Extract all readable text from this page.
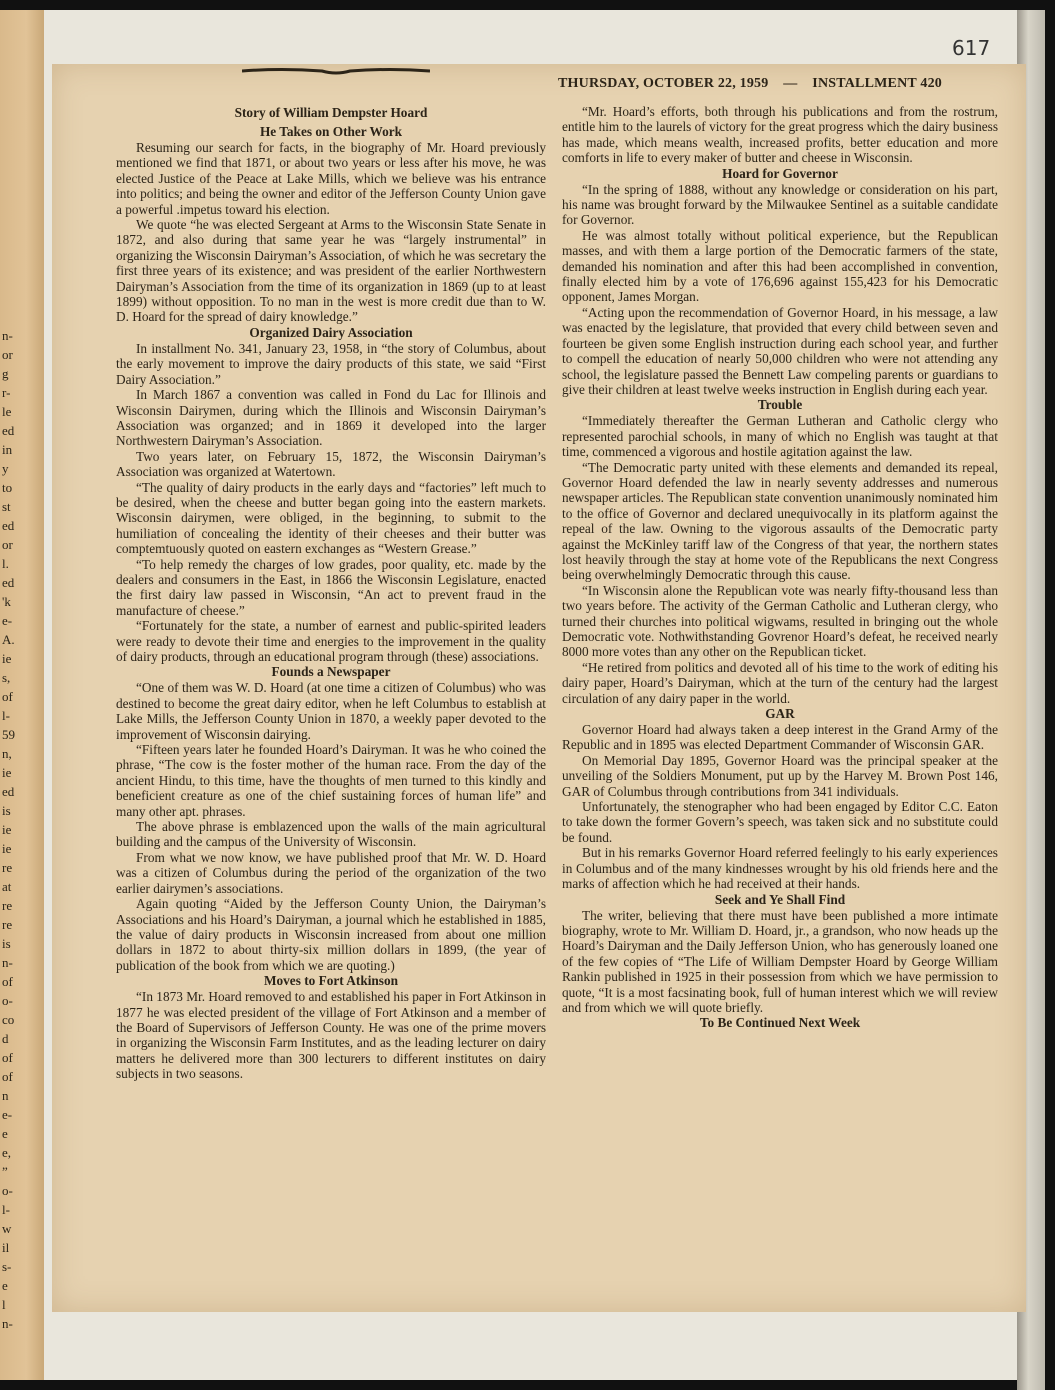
n-
or
g
r-
le
ed
in
y
to
st
ed
or
l.
ed
'k
e-
A.
ie
s,
of
l-
59
n,
ie
ed
is
ie
ie
re
at
re
re
is
n-
of
o-
co
d
of
of
n
e-
e
e,
”
o-
l-
w
il
s-
e
l
n-
617
THURSDAY, OCTOBER 22, 1959 — INSTALLMENT 420
Story of William Dempster Hoard
He Takes on Other Work

Resuming our search for facts, in the biography of Mr. Hoard previously mentioned we find that 1871, or about two years or less after his move, he was elected Justice of the Peace at Lake Mills, which we believe was his entrance into politics; and being the owner and editor of the Jefferson County Union gave a powerful .impetus toward his election.

We quote “he was elected Sergeant at Arms to the Wisconsin State Senate in 1872, and also during that same year he was “largely instrumental” in organizing the Wisconsin Dairyman’s Association, of which he was secretary the first three years of its existence; and was president of the earlier Northwestern Dairyman’s Association from the time of its organization in 1869 (up to at least 1899) without opposition. To no man in the west is more credit due than to W. D. Hoard for the spread of dairy knowledge.”

Organized Dairy Association

In installment No. 341, January 23, 1958, in “the story of Columbus, about the early movement to improve the dairy products of this state, we said “First Dairy Association.”

In March 1867 a convention was called in Fond du Lac for Illinois and Wisconsin Dairymen, during which the Illinois and Wisconsin Dairyman’s Association was organzed; and in 1869 it developed into the larger Northwestern Dairyman’s Association.

Two years later, on February 15, 1872, the Wisconsin Dairyman’s Association was organized at Watertown.

“The quality of dairy products in the early days and “factories” left much to be desired, when the cheese and butter began going into the eastern markets. Wisconsin dairymen, were obliged, in the beginning, to submit to the humiliation of concealing the identity of their cheeses and their butter was comptemtuously quoted on eastern exchanges as “Western Grease.”

“To help remedy the charges of low grades, poor quality, etc. made by the dealers and consumers in the East, in 1866 the Wisconsin Legislature, enacted the first dairy law passed in Wisconsin, “An act to prevent fraud in the manufacture of cheese.”

“Fortunately for the state, a number of earnest and public-spirited leaders were ready to devote their time and energies to the improvement in the quality of dairy products, through an educational program through (these) associations.

Founds a Newspaper

“One of them was W. D. Hoard (at one time a citizen of Columbus) who was destined to become the great dairy editor, when he left Columbus to establish at Lake Mills, the Jefferson County Union in 1870, a weekly paper devoted to the improvement of Wisconsin dairying.

“Fifteen years later he founded Hoard’s Dairyman. It was he who coined the phrase, “The cow is the foster mother of the human race. From the day of the ancient Hindu, to this time, have the thoughts of men turned to this kindly and beneficient creature as one of the chief sustaining forces of human life” and many other apt. phrases.

The above phrase is emblazenced upon the walls of the main agricultural building and the campus of the University of Wisconsin.

From what we now know, we have published proof that Mr. W. D. Hoard was a citizen of Columbus during the period of the organization of the two earlier dairymen’s associations.

Again quoting “Aided by the Jefferson County Union, the Dairyman’s Associations and his Hoard’s Dairyman, a journal which he established in 1885, the value of dairy products in Wisconsin increased from about one million dollars in 1872 to about thirty-six million dollars in 1899, (the year of publication of the book from which we are quoting.)

Moves to Fort Atkinson

“In 1873 Mr. Hoard removed to and established his paper in Fort Atkinson in 1877 he was elected president of the village of Fort Atkinson and a member of the Board of Supervisors of Jefferson County. He was one of the prime movers in organizing the Wisconsin Farm Institutes, and as the leading lecturer on dairy matters he delivered more than 300 lecturers to different institutes on dairy subjects in two seasons.

“Mr. Hoard’s efforts, both through his publications and from the rostrum, entitle him to the laurels of victory for the great progress which the dairy business has made, which means wealth, increased profits, better education and more comforts in life to every maker of butter and cheese in Wisconsin.

Hoard for Governor

“In the spring of 1888, without any knowledge or consideration on his part, his name was brought forward by the Milwaukee Sentinel as a suitable candidate for Governor.

He was almost totally without political experience, but the Republican masses, and with them a large portion of the Democratic farmers of the state, demanded his nomination and after this had been accomplished in convention, finally elected him by a vote of 176,696 against 155,423 for his Democratic opponent, James Morgan.

“Acting upon the recommendation of Governor Hoard, in his message, a law was enacted by the legislature, that provided that every child between seven and fourteen be given some English instruction during each school year, and further to compell the education of nearly 50,000 children who were not attending any school, the legislature passed the Bennett Law compeling parents or guardians to give their children at least twelve weeks instruction in English during each year.

Trouble

“Immediately thereafter the German Lutheran and Catholic clergy who represented parochial schools, in many of which no English was taught at that time, commenced a vigorous and hostile agitation against the law.

“The Democratic party united with these elements and demanded its repeal, Governor Hoard defended the law in nearly seventy addresses and numerous newspaper articles. The Republican state convention unanimously nominated him to the office of Governor and declared unequivocally in its platform against the repeal of the law. Owning to the vigorous assaults of the Democratic party against the McKinley tariff law of the Congress of that year, the northern states lost heavily through the stay at home vote of the Republicans the next Congress being overwhelmingly Democratic through this cause.

“In Wisconsin alone the Republican vote was nearly fifty-thousand less than two years before. The activity of the German Catholic and Lutheran clergy, who turned their churches into political wigwams, resulted in bringing out the whole Democratic vote. Nothwithstanding Govrenor Hoard’s defeat, he received nearly 8000 more votes than any other on the Republican ticket.

“He retired from politics and devoted all of his time to the work of editing his dairy paper, Hoard’s Dairyman, which at the turn of the century had the largest circulation of any dairy paper in the world.

GAR

Governor Hoard had always taken a deep interest in the Grand Army of the Republic and in 1895 was elected Department Commander of Wisconsin GAR.

On Memorial Day 1895, Governor Hoard was the principal speaker at the unveiling of the Soldiers Monument, put up by the Harvey M. Brown Post 146, GAR of Columbus through contributions from 341 individuals.

Unfortunately, the stenographer who had been engaged by Editor C.C. Eaton to take down the former Govern’s speech, was taken sick and no substitute could be found.

But in his remarks Governor Hoard referred feelingly to his early experiences in Columbus and of the many kindnesses wrought by his old friends here and the marks of affection which he had received at their hands.

Seek and Ye Shall Find

The writer, believing that there must have been published a more intimate biography, wrote to Mr. William D. Hoard, jr., a grandson, who now heads up the Hoard’s Dairyman and the Daily Jefferson Union, who has generously loaned one of the few copies of “The Life of William Dempster Hoard by George William Rankin published in 1925 in their possession from which we have permission to quote, “It is a most facsinating book, full of human interest which we will review and from which we will quote briefly.

To Be Continued Next Week
